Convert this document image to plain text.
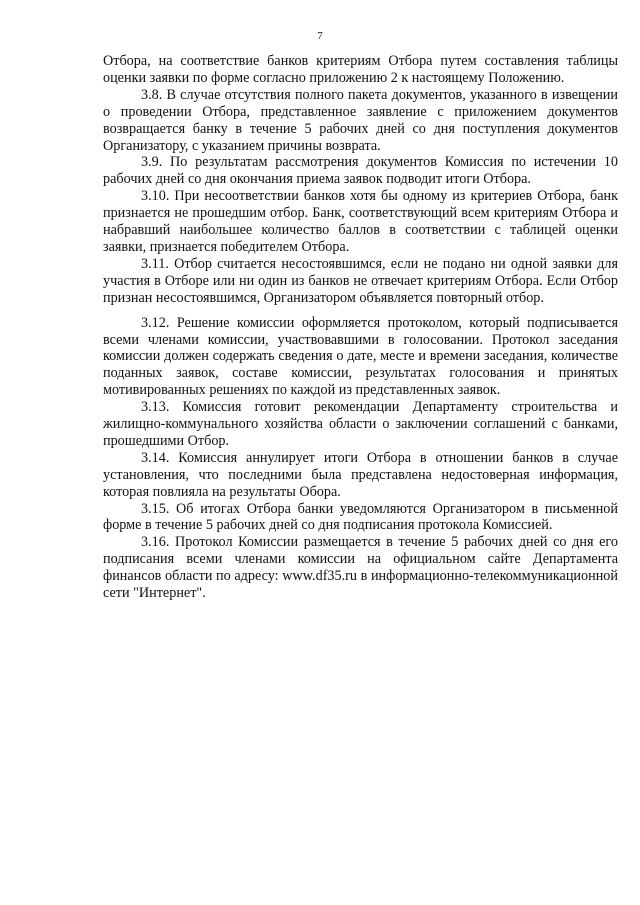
7

Отбора, на соответствие банков критериям Отбора путем составления таблицы оценки заявки по форме согласно приложению 2 к настоящему Положению.

3.8. В случае отсутствия полного пакета документов, указанного в извещении о проведении Отбора, представленное заявление с приложением документов возвращается банку в течение 5 рабочих дней со дня поступления документов Организатору, с указанием причины возврата.

3.9. По результатам рассмотрения документов Комиссия по истечении 10 рабочих дней со дня окончания приема заявок подводит итоги Отбора.

3.10. При несоответствии банков хотя бы одному из критериев Отбора, банк признается не прошедшим отбор. Банк, соответствующий всем критериям Отбора и набравший наибольшее количество баллов в соответствии с таблицей оценки заявки, признается победителем Отбора.

3.11. Отбор считается несостоявшимся, если не подано ни одной заявки для участия в Отборе или ни один из банков не отвечает критериям Отбора. Если Отбор признан несостоявшимся, Организатором объявляется повторный отбор.

3.12. Решение комиссии оформляется протоколом, который подписывается всеми членами комиссии, участвовавшими в голосовании. Протокол заседания комиссии должен содержать сведения о дате, месте и времени заседания, количестве поданных заявок, составе комиссии, результатах голосования и принятых мотивированных решениях по каждой из представленных заявок.

3.13. Комиссия готовит рекомендации Департаменту строительства и жилищно-коммунального хозяйства области о заключении соглашений с банками, прошедшими Отбор.

3.14. Комиссия аннулирует итоги Отбора в отношении банков в случае установления, что последними была представлена недостоверная информация, которая повлияла на результаты Обора.

3.15. Об итогах Отбора банки уведомляются Организатором в письменной форме в течение 5 рабочих дней со дня подписания протокола Комиссией.

3.16. Протокол Комиссии размещается в течение 5 рабочих дней со дня его подписания всеми членами комиссии на официальном сайте Департамента финансов области по адресу: www.df35.ru в информационно-телекоммуникационной сети "Интернет".
